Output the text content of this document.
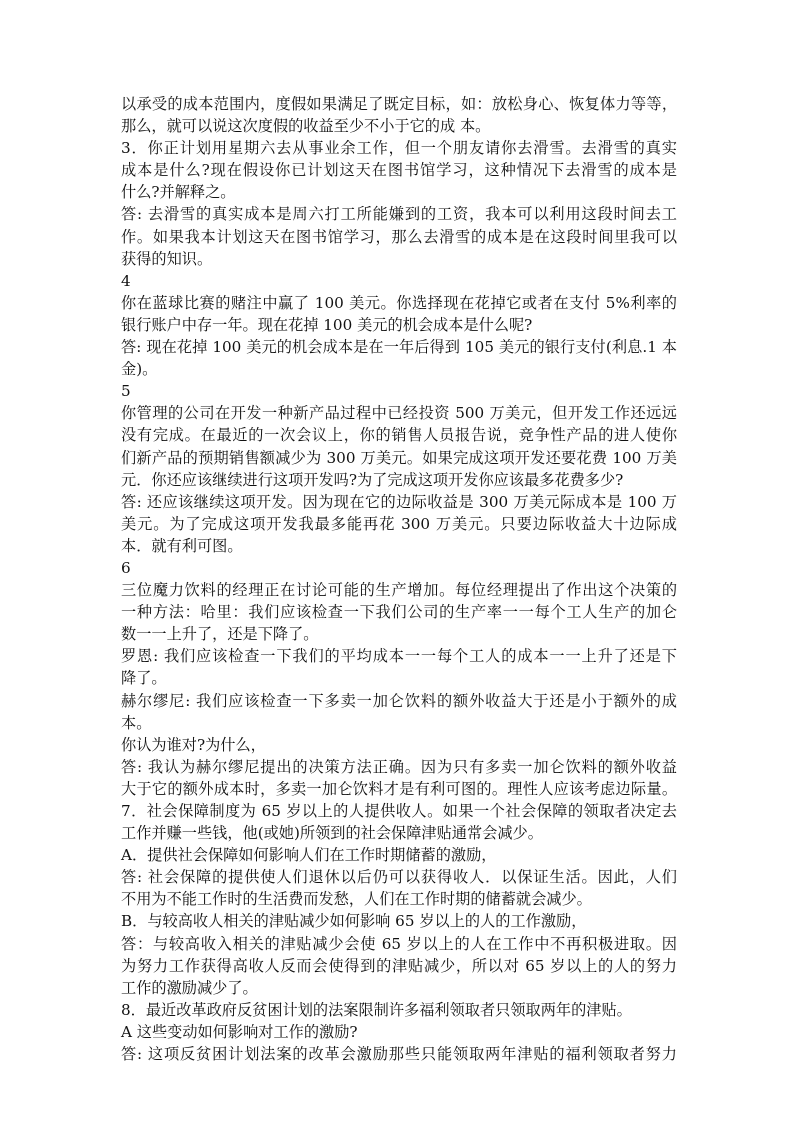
以承受的成本范围内，度假如果满足了既定目标，如：放松身心、恢复体力等等，
那么，就可以说这次度假的收益至少不小于它的成 本。
3．你正计划用星期六去从事业余工作，但一个朋友请你去滑雪。去滑雪的真实
成本是什么?现在假设你已计划这天在图书馆学习，这种情况下去滑雪的成本是
什么?并解释之。
答: 去滑雪的真实成本是周六打工所能嫌到的工资，我本可以利用这段时间去工
作。如果我本计划这天在图书馆学习，那么去滑雪的成本是在这段时间里我可以
获得的知识。
4
你在蓝球比赛的赌注中赢了 100 美元。你选择现在花掉它或者在支付 5%利率的
银行账户中存一年。现在花掉 100 美元的机会成本是什么呢?
答: 现在花掉 100 美元的机会成本是在一年后得到 105 美元的银行支付(利息.1 本
金)。
5
你管理的公司在开发一种新产品过程中已经投资 500 万美元，但开发工作还远远
没有完成。在最近的一次会议上，你的销售人员报告说，竞争性产品的进人使你
们新产品的预期销售额减少为 300 万美元。如果完成这项开发还要花费 100 万美
元．你还应该继续进行这项开发吗?为了完成这项开发你应该最多花费多少?
答: 还应该继续这项开发。因为现在它的边际收益是 300 万美元际成本是 100 万
美元。为了完成这项开发我最多能再花 300 万美元。只要边际收益大十边际成
本．就有利可图。
6
三位魔力饮料的经理正在讨论可能的生产增加。每位经理提出了作出这个决策的
一种方法：哈里：我们应该检查一下我们公司的生产率一一每个工人生产的加仑
数一一上升了，还是下降了。
罗恩: 我们应该检查一下我们的平均成本一一每个工人的成本一一上升了还是下
降了。
赫尔缪尼: 我们应该检查一下多卖一加仑饮料的额外收益大于还是小于额外的成
本。
你认为谁对?为什么，
答: 我认为赫尔缪尼提出的决策方法正确。因为只有多卖一加仑饮料的额外收益
大于它的额外成本时，多卖一加仑饮料才是有利可图的。理性人应该考虑边际量。
7．社会保障制度为 65 岁以上的人提供收人。如果一个社会保障的领取者决定去
工作并赚一些钱，他(或她)所领到的社会保障津贴通常会减少。
A．提供社会保障如何影响人们在工作时期储蓄的激励，
答: 社会保障的提供使人们退休以后仍可以获得收人．以保证生活。因此，人们
不用为不能工作时的生活费而发愁，人们在工作时期的储蓄就会减少。
B．与较高收人相关的津贴减少如何影响 65 岁以上的人的工作激励，
答：与较高收入相关的津贴减少会使 65 岁以上的人在工作中不再积极进取。因
为努力工作获得高收人反而会使得到的津贴减少，所以对 65 岁以上的人的努力
工作的激励减少了。
8．最近改革政府反贫困计划的法案限制许多福利领取者只领取两年的津贴。
A 这些变动如何影响对工作的激励?
答: 这项反贫困计划法案的改革会激励那些只能领取两年津贴的福利领取者努力
